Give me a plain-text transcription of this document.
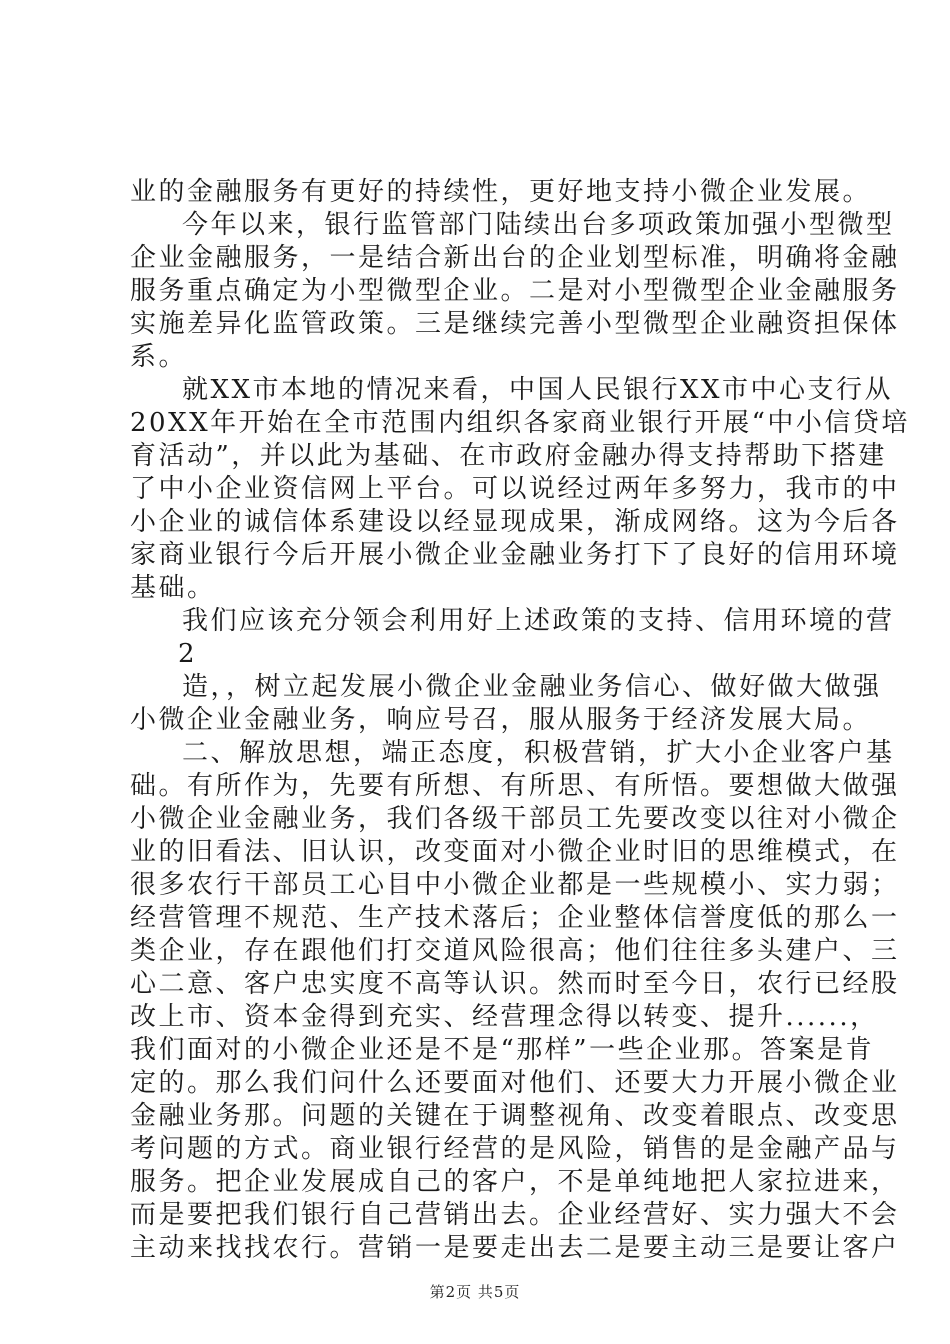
业的金融服务有更好的持续性，更好地支持小微企业发展。

今年以来，银行监管部门陆续出台多项政策加强小型微型

企业金融服务，一是结合新出台的企业划型标准，明确将金融

服务重点确定为小型微型企业。二是对小型微型企业金融服务

实施差异化监管政策。三是继续完善小型微型企业融资担保体

系。

就XX市本地的情况来看，中国人民银行XX市中心支行从

20XX年开始在全市范围内组织各家商业银行开展“中小信贷培

育活动”，并以此为基础、在市政府金融办得支持帮助下搭建

了中小企业资信网上平台。可以说经过两年多努力，我市的中

小企业的诚信体系建设以经显现成果，渐成网络。这为今后各

家商业银行今后开展小微企业金融业务打下了良好的信用环境

基础。

我们应该充分领会利用好上述政策的支持、信用环境的营

2

造，，树立起发展小微企业金融业务信心、做好做大做强

小微企业金融业务，响应号召，服从服务于经济发展大局。

二、解放思想，端正态度，积极营销，扩大小企业客户基

础。有所作为，先要有所想、有所思、有所悟。要想做大做强

小微企业金融业务，我们各级干部员工先要改变以往对小微企

业的旧看法、旧认识，改变面对小微企业时旧的思维模式，在

很多农行干部员工心目中小微企业都是一些规模小、实力弱；

经营管理不规范、生产技术落后；企业整体信誉度低的那么一

类企业，存在跟他们打交道风险很高；他们往往多头建户、三

心二意、客户忠实度不高等认识。然而时至今日，农行已经股

改上市、资本金得到充实、经营理念得以转变、提升......，

我们面对的小微企业还是不是“那样”一些企业那。答案是肯

定的。那么我们问什么还要面对他们、还要大力开展小微企业

金融业务那。问题的关键在于调整视角、改变着眼点、改变思

考问题的方式。商业银行经营的是风险，销售的是金融产品与

服务。把企业发展成自己的客户，不是单纯地把人家拉进来，

而是要把我们银行自己营销出去。企业经营好、实力强大不会

主动来找找农行。营销一是要走出去二是要主动三是要让客户

第2页 共5页
